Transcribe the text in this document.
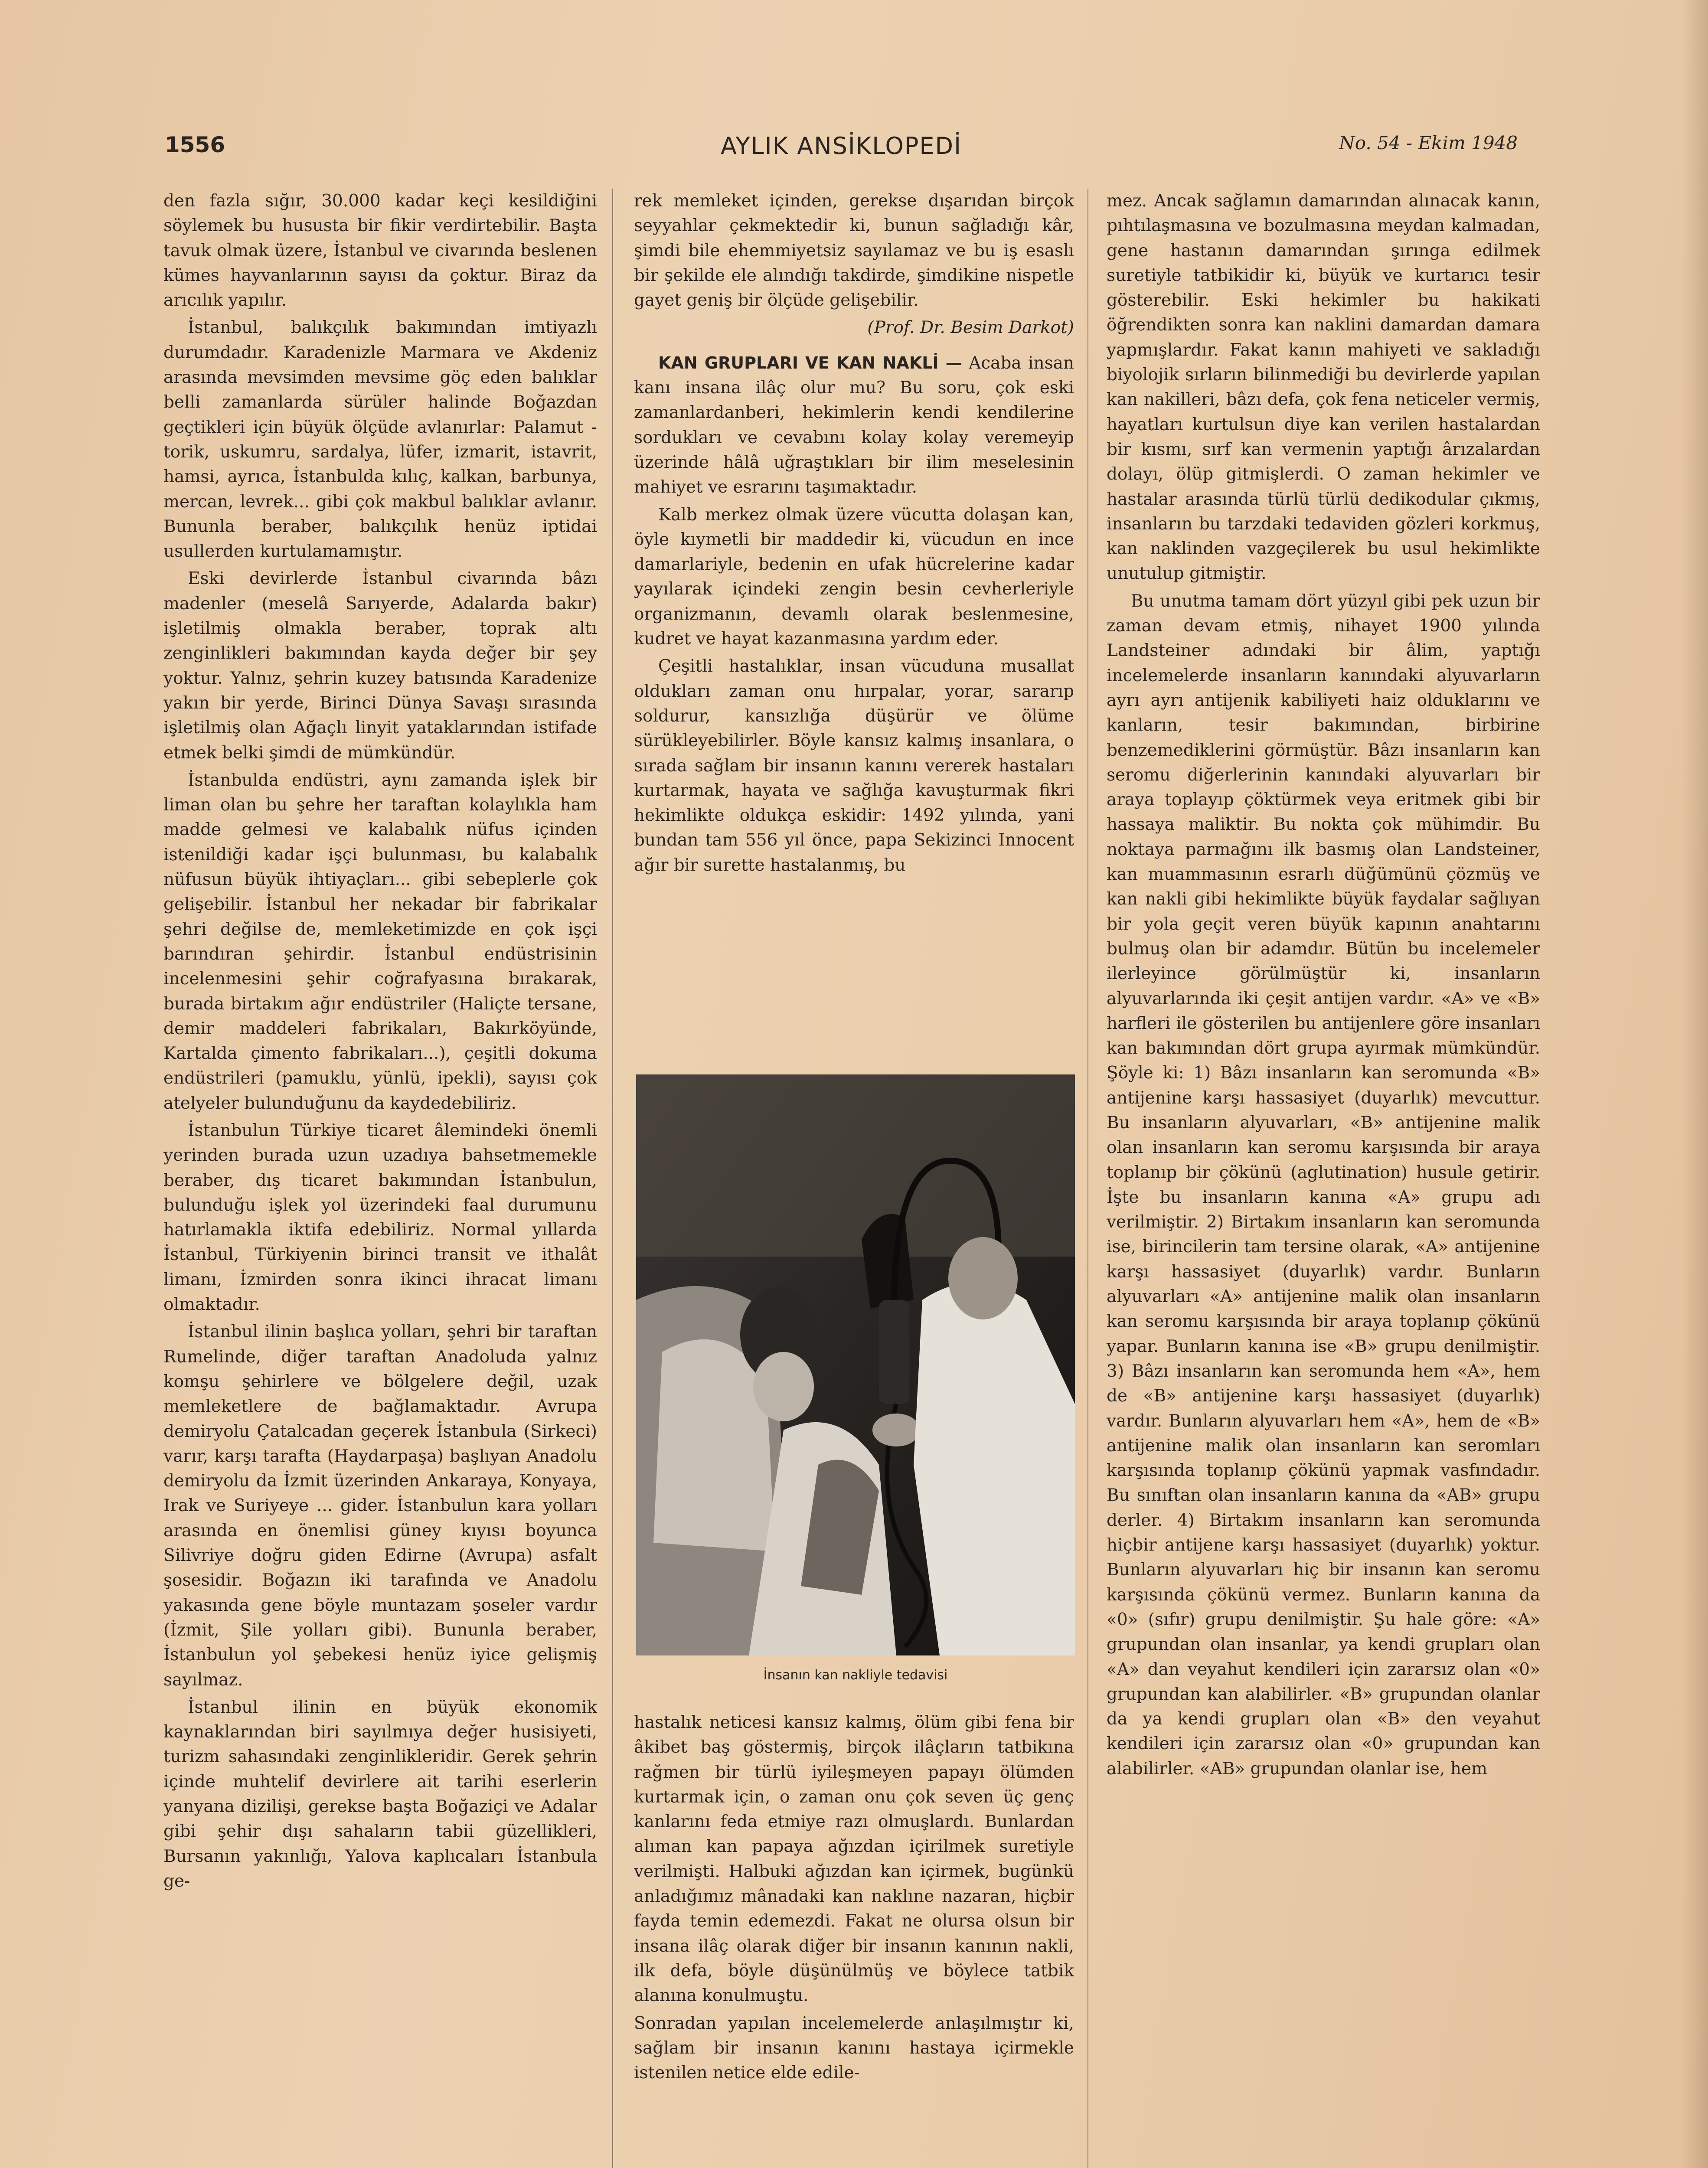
1556	AYLIK ANSİKLOPEDİ	No. 54 - Ekim 1948

den fazla sığır, 30.000 kadar keçi kesildiğini söylemek bu hususta bir fikir verdirtebilir. Başta tavuk olmak üzere, İstanbul ve civarında beslenen kümes hayvanlarının sayısı da çoktur. Biraz da arıcılık yapılır.

İstanbul, balıkçılık bakımından imtiyazlı durumdadır. Karadenizle Marmara ve Akdeniz arasında mevsimden mevsime göç eden balıklar belli zamanlarda sürüler halinde Boğazdan geçtikleri için büyük ölçüde avlanırlar: Palamut - torik, uskumru, sardalya, lüfer, izmarit, istavrit, hamsi, ayrıca, İstanbulda kılıç, kalkan, barbunya, mercan, levrek... gibi çok makbul balıklar avlanır. Bununla beraber, balıkçılık henüz iptidai usullerden kurtulamamıştır.

Eski devirlerde İstanbul civarında bâzı madenler (meselâ Sarıyerde, Adalarda bakır) işletilmiş olmakla beraber, toprak altı zenginlikleri bakımından kayda değer bir şey yoktur. Yalnız, şehrin kuzey batısında Karadenize yakın bir yerde, Birinci Dünya Savaşı sırasında işletilmiş olan Ağaçlı linyit yataklarından istifade etmek belki şimdi de mümkündür.

İstanbulda endüstri, aynı zamanda işlek bir liman olan bu şehre her taraftan kolaylıkla ham madde gelmesi ve kalabalık nüfus içinden istenildiği kadar işçi bulunması, bu kalabalık nüfusun büyük ihtiyaçları... gibi sebeplerle çok gelişebilir. İstanbul her nekadar bir fabrikalar şehri değilse de, memleketimizde en çok işçi barındıran şehirdir. İstanbul endüstrisinin incelenmesini şehir coğrafyasına bırakarak, burada birtakım ağır endüstriler (Haliçte tersane, demir maddeleri fabrikaları, Bakırköyünde, Kartalda çimento fabrikaları...), çeşitli dokuma endüstrileri (pamuklu, yünlü, ipekli), sayısı çok atelyeler bulunduğunu da kaydedebiliriz.

İstanbulun Türkiye ticaret âlemindeki önemli yerinden burada uzun uzadıya bahsetmemekle beraber, dış ticaret bakımından İstanbulun, bulunduğu işlek yol üzerindeki faal durumunu hatırlamakla iktifa edebiliriz. Normal yıllarda İstanbul, Türkiyenin birinci transit ve ithalât limanı, İzmirden sonra ikinci ihracat limanı olmaktadır.

İstanbul ilinin başlıca yolları, şehri bir taraftan Rumelinde, diğer taraftan Anadoluda yalnız komşu şehirlere ve bölgelere değil, uzak memleketlere de bağlamaktadır. Avrupa demiryolu Çatalcadan geçerek İstanbula (Sirkeci) varır, karşı tarafta (Haydarpaşa) başlıyan Anadolu demiryolu da İzmit üzerinden Ankaraya, Konyaya, Irak ve Suriyeye ... gider. İstanbulun kara yolları arasında en önemlisi güney kıyısı boyunca Silivriye doğru giden Edirne (Avrupa) asfalt şosesidir. Boğazın iki tarafında ve Anadolu yakasında gene böyle muntazam şoseler vardır (İzmit, Şile yolları gibi). Bununla beraber, İstanbulun yol şebekesi henüz iyice gelişmiş sayılmaz.

İstanbul ilinin en büyük ekonomik kaynaklarından biri sayılmıya değer husisiyeti, turizm sahasındaki zenginlikleridir. Gerek şehrin içinde muhtelif devirlere ait tarihi eserlerin yanyana dizilişi, gerekse başta Boğaziçi ve Adalar gibi şehir dışı sahaların tabii güzellikleri, Bursanın yakınlığı, Yalova kaplıcaları İstanbula ge-

rek memleket içinden, gerekse dışarıdan birçok seyyahlar çekmektedir ki, bunun sağladığı kâr, şimdi bile ehemmiyetsiz sayılamaz ve bu iş esaslı bir şekilde ele alındığı takdirde, şimdikine nispetle gayet geniş bir ölçüde gelişebilir.

(Prof. Dr. Besim Darkot)

KAN GRUPLARI VE KAN NAKLİ — Acaba insan kanı insana ilâç olur mu? Bu soru, çok eski zamanlardanberi, hekimlerin kendi kendilerine sordukları ve cevabını kolay kolay veremeyip üzerinde hâlâ uğraştıkları bir ilim meselesinin mahiyet ve esrarını taşımaktadır.

Kalb merkez olmak üzere vücutta dolaşan kan, öyle kıymetli bir maddedir ki, vücudun en ince damarlariyle, bedenin en ufak hücrelerine kadar yayılarak içindeki zengin besin cevherleriyle organizmanın, devamlı olarak beslenmesine, kudret ve hayat kazanmasına yardım eder.

Çeşitli hastalıklar, insan vücuduna musallat oldukları zaman onu hırpalar, yorar, sararıp soldurur, kansızlığa düşürür ve ölüme sürükleyebilirler. Böyle kansız kalmış insanlara, o sırada sağlam bir insanın kanını vererek hastaları kurtarmak, hayata ve sağlığa kavuşturmak fikri hekimlikte oldukça eskidir: 1492 yılında, yani bundan tam 556 yıl önce, papa Sekizinci Innocent ağır bir surette hastalanmış, bu

İnsanın kan nakliyle tedavisi

hastalık neticesi kansız kalmış, ölüm gibi fena bir âkibet baş göstermiş, birçok ilâçların tatbikına rağmen bir türlü iyileşmeyen papayı ölümden kurtarmak için, o zaman onu çok seven üç genç kanlarını feda etmiye razı olmuşlardı. Bunlardan alıman kan papaya ağızdan içirilmek suretiyle verilmişti. Halbuki ağızdan kan içirmek, bugünkü anladığımız mânadaki kan naklıne nazaran, hiçbir fayda temin edemezdi. Fakat ne olursa olsun bir insana ilâç olarak diğer bir insanın kanının nakli, ilk defa, böyle düşünülmüş ve böylece tatbik alanına konulmuştu.

Sonradan yapılan incelemelerde anlaşılmıştır ki, sağlam bir insanın kanını hastaya içirmekle istenilen netice elde edile-

mez. Ancak sağlamın damarından alınacak kanın, pıhtılaşmasına ve bozulmasına meydan kalmadan, gene hastanın damarından şırınga edilmek suretiyle tatbikidir ki, büyük ve kurtarıcı tesir gösterebilir. Eski hekimler bu hakikati öğrendikten sonra kan naklini damardan damara yapmışlardır. Fakat kanın mahiyeti ve sakladığı biyolojik sırların bilinmediği bu devirlerde yapılan kan nakilleri, bâzı defa, çok fena neticeler vermiş, hayatları kurtulsun diye kan verilen hastalardan bir kısmı, sırf kan vermenin yaptığı ârızalardan dolayı, ölüp gitmişlerdi. O zaman hekimler ve hastalar arasında türlü türlü dedikodular çıkmış, insanların bu tarzdaki tedaviden gözleri korkmuş, kan naklinden vazgeçilerek bu usul hekimlikte unutulup gitmiştir.

Bu unutma tamam dört yüzyıl gibi pek uzun bir zaman devam etmiş, nihayet 1900 yılında Landsteiner adındaki bir âlim, yaptığı incelemelerde insanların kanındaki alyuvarların ayrı ayrı antijenik kabiliyeti haiz olduklarını ve kanların, tesir bakımından, birbirine benzemediklerini görmüştür. Bâzı insanların kan seromu diğerlerinin kanındaki alyuvarları bir araya toplayıp çöktürmek veya eritmek gibi bir hassaya maliktir. Bu nokta çok mühimdir. Bu noktaya parmağını ilk basmış olan Landsteiner, kan muammasının esrarlı düğümünü çözmüş ve kan nakli gibi hekimlikte büyük faydalar sağlıyan bir yola geçit veren büyük kapının anahtarını bulmuş olan bir adamdır. Bütün bu incelemeler ilerleyince görülmüştür ki, insanların alyuvarlarında iki çeşit antijen vardır. «A» ve «B» harfleri ile gösterilen bu antijenlere göre insanları kan bakımından dört grupa ayırmak mümkündür. Şöyle ki: 1) Bâzı insanların kan seromunda «B» antijenine karşı hassasiyet (duyarlık) mevcuttur. Bu insanların alyuvarları, «B» antijenine malik olan insanların kan seromu karşısında bir araya toplanıp bir çökünü (aglutination) husule getirir. İşte bu insanların kanına «A» grupu adı verilmiştir. 2) Birtakım insanların kan seromunda ise, birincilerin tam tersine olarak, «A» antijenine karşı hassasiyet (duyarlık) vardır. Bunların alyuvarları «A» antijenine malik olan insanların kan seromu karşısında bir araya toplanıp çökünü yapar. Bunların kanına ise «B» grupu denilmiştir. 3) Bâzı insanların kan seromunda hem «A», hem de «B» antijenine karşı hassasiyet (duyarlık) vardır. Bunların alyuvarları hem «A», hem de «B» antijenine malik olan insanların kan seromları karşısında toplanıp çökünü yapmak vasfındadır. Bu sınıftan olan insanların kanına da «AB» grupu derler. 4) Birtakım insanların kan seromunda hiçbir antijene karşı hassasiyet (duyarlık) yoktur. Bunların alyuvarları hiç bir insanın kan seromu karşısında çökünü vermez. Bunların kanına da «0» (sıfır) grupu denilmiştir. Şu hale göre: «A» grupundan olan insanlar, ya kendi grupları olan «A» dan veyahut kendileri için zararsız olan «0» grupundan kan alabilirler. «B» grupundan olanlar da ya kendi grupları olan «B» den veyahut kendileri için zararsız olan «0» grupundan kan alabilirler. «AB» grupundan olanlar ise, hem
